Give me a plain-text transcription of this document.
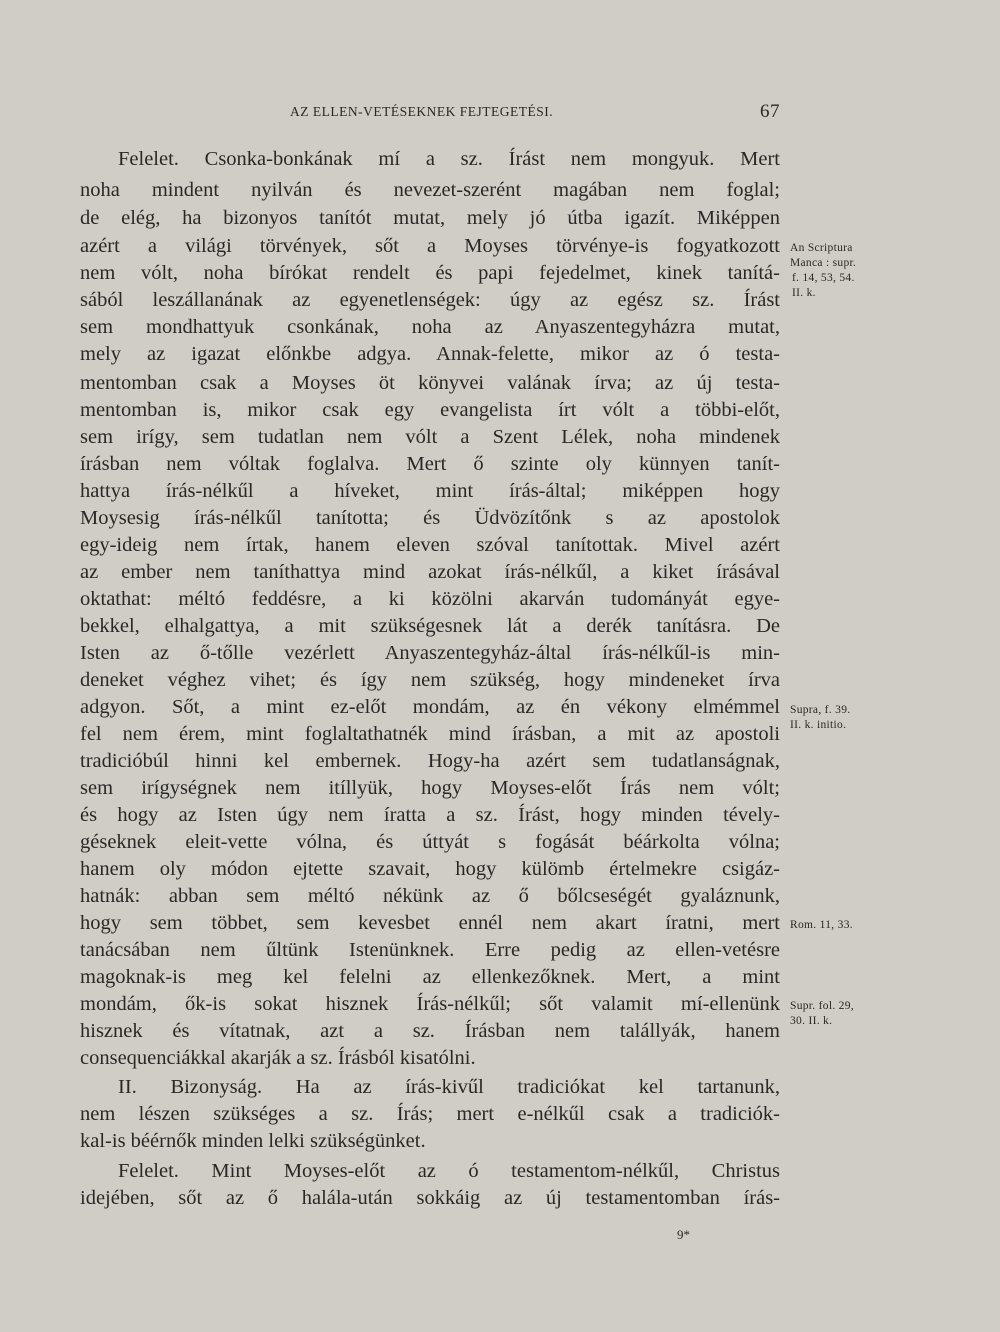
AZ ELLEN-VETÉSEKNEK FEJTEGETÉSI.	67
Felelet. Csonka-bonkának mí a sz. Írást nem mongyuk. Mert
noha mindent nyilván és nevezet-szerént magában nem foglal;
de elég, ha bizonyos tanítót mutat, mely jó útba igazít. Miképpen
azért a világi törvények, sőt a Moyses törvénye-is fogyatkozott
nem vólt, noha bírókat rendelt és papi fejedelmet, kinek tanítá-
sából leszállanának az egyenetlenségek: úgy az egész sz. Írást
sem mondhattyuk csonkának, noha az Anyaszentegyházra mutat,
mely az igazat előnkbe adgya. Annak-felette, mikor az ó testa-
mentomban csak a Moyses öt könyvei valának írva; az új testa-
mentomban is, mikor csak egy evangelista írt vólt a többi-előt,
sem irígy, sem tudatlan nem vólt a Szent Lélek, noha mindenek
írásban nem vóltak foglalva. Mert ő szinte oly künnyen tanít-
hattya írás-nélkűl a híveket, mint írás-által; miképpen hogy
Moysesig írás-nélkűl tanította; és Üdvözítőnk s az apostolok
egy-ideig nem írtak, hanem eleven szóval tanítottak. Mivel azért
az ember nem taníthattya mind azokat írás-nélkűl, a kiket írásával
oktathat: méltó feddésre, a ki közölni akarván tudományát egye-
bekkel, elhalgattya, a mit szükségesnek lát a derék tanításra. De
Isten az ő-tőlle vezérlett Anyaszentegyház-által írás-nélkűl-is min-
deneket véghez vihet; és így nem szükség, hogy mindeneket írva
adgyon. Sőt, a mint ez-előt mondám, az én vékony elmémmel
fel nem érem, mint foglaltathatnék mind írásban, a mit az apostoli
tradicióbúl hinni kel embernek. Hogy-ha azért sem tudatlanságnak,
sem irígységnek nem itíllyük, hogy Moyses-előt Írás nem vólt;
és hogy az Isten úgy nem íratta a sz. Írást, hogy minden tévely-
géseknek eleit-vette vólna, és úttyát s fogását béárkolta vólna;
hanem oly módon ejtette szavait, hogy külömb értelmekre csigáz-
hatnák: abban sem méltó nékünk az ő bőlcseségét gyaláznunk,
hogy sem többet, sem kevesbet ennél nem akart íratni, mert
tanácsában nem űltünk Istenünknek. Erre pedig az ellen-vetésre
magoknak-is meg kel felelni az ellenkezőknek. Mert, a mint
mondám, ők-is sokat hisznek Írás-nélkűl; sőt valamit mí-ellenünk
hisznek és vítatnak, azt a sz. Írásban nem talállyák, hanem
consequenciákkal akarják a sz. Írásból kisatólni.
II. Bizonyság. Ha az írás-kivűl tradiciókat kel tartanunk,
nem lészen szükséges a sz. Írás; mert e-nélkűl csak a tradiciók-
kal-is béérnők minden lelki szükségünket.
Felelet. Mint Moyses-előt az ó testamentom-nélkűl, Christus
idejében, sőt az ő halála-után sokkáig az új testamentomban írás-
An Scriptura
Manca : supr.
f. 14, 53, 54.
II. k.
Supra, f. 39.
II. k. initio.
Rom. 11, 33.
Supr. fol. 29,
30. II. k.
9*
